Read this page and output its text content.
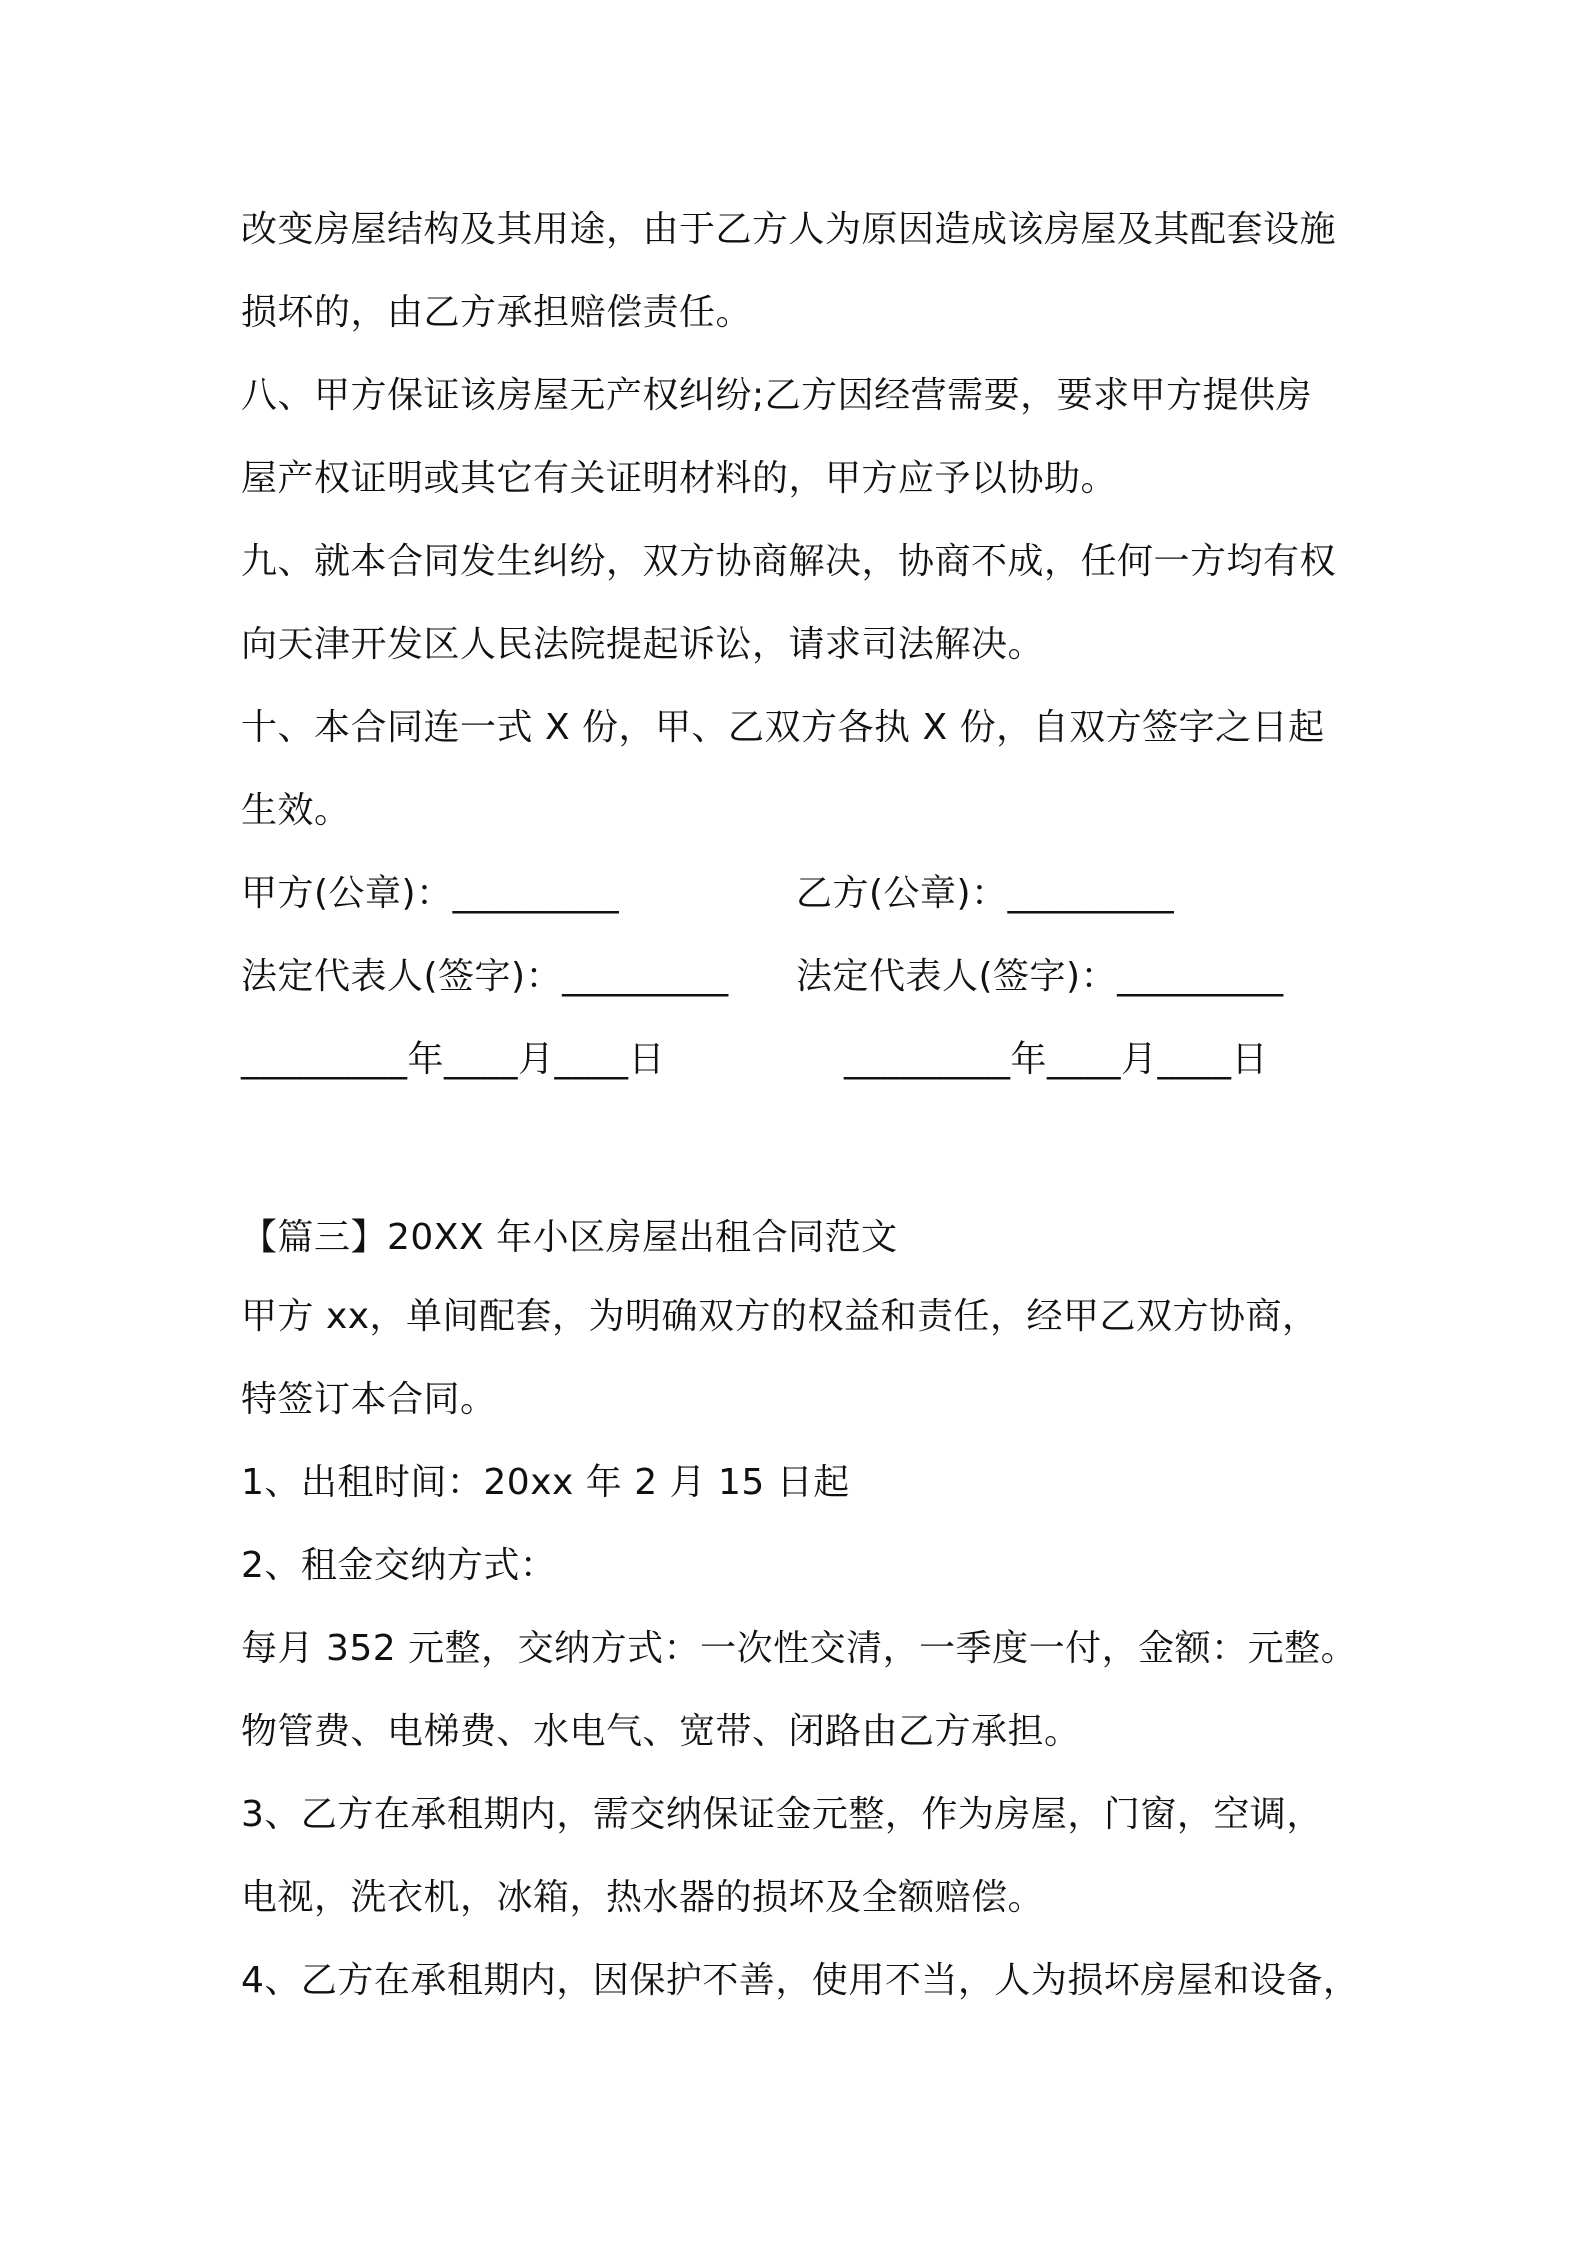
改变房屋结构及其用途，由于乙方人为原因造成该房屋及其配套设施
损坏的，由乙方承担赔偿责任。
八、甲方保证该房屋无产权纠纷;乙方因经营需要，要求甲方提供房
屋产权证明或其它有关证明材料的，甲方应予以协助。
九、就本合同发生纠纷，双方协商解决，协商不成，任何一方均有权
向天津开发区人民法院提起诉讼，请求司法解决。
十、本合同连一式 X 份，甲、乙双方各执 X 份，自双方签字之日起
生效。
甲方(公章)：_________	乙方(公章)：_________
法定代表人(签字)：_________ 法定代表人(签字)：_________
_________年____月____日	_________年____月____日
【篇三】20XX 年小区房屋出租合同范文
甲方 xx，单间配套，为明确双方的权益和责任，经甲乙双方协商，
特签订本合同。
1、出租时间：20xx 年 2 月 15 日起
2、租金交纳方式：
每月 352 元整，交纳方式：一次性交清，一季度一付，金额：元整。
物管费、电梯费、水电气、宽带、闭路由乙方承担。
3、乙方在承租期内，需交纳保证金元整，作为房屋，门窗，空调，
电视，洗衣机，冰箱，热水器的损坏及全额赔偿。
4、乙方在承租期内，因保护不善，使用不当，人为损坏房屋和设备，
